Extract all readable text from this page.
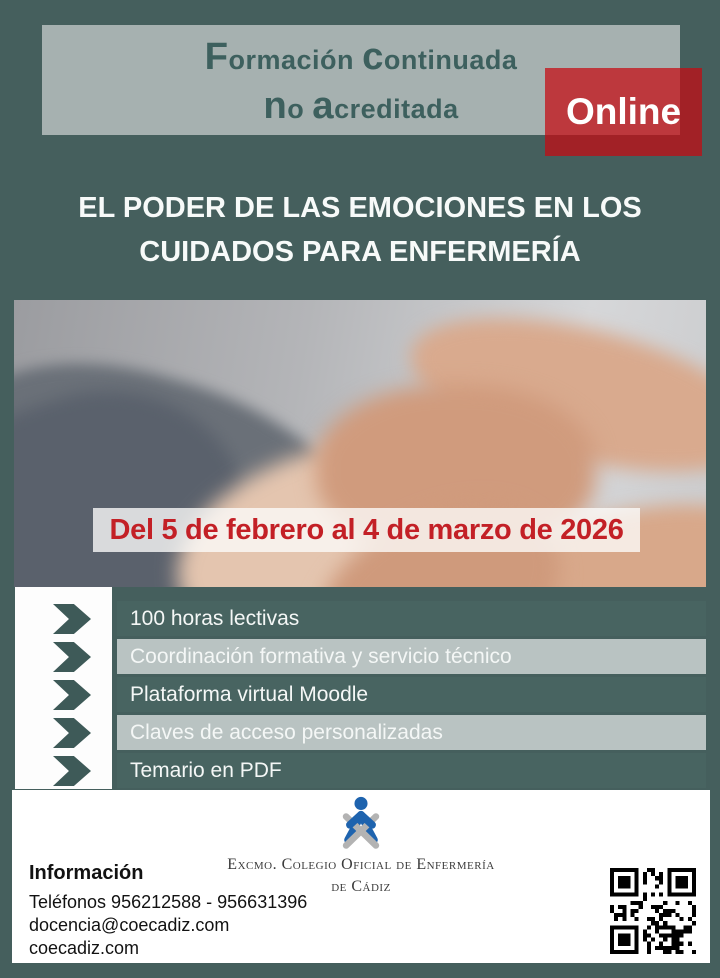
Formación continuada
no acreditada	Online
EL PODER DE LAS EMOCIONES EN LOS CUIDADOS PARA ENFERMERÍA
Del 5 de febrero al 4 de marzo de 2026
100 horas lectivas
Coordinación formativa y servicio técnico
Plataforma virtual Moodle
Claves de acceso personalizadas
Temario en PDF
Excmo. Colegio Oficial de Enfermería
de Cádiz
Información
Teléfonos 956212588 - 956631396
docencia@coecadiz.com
coecadiz.com
